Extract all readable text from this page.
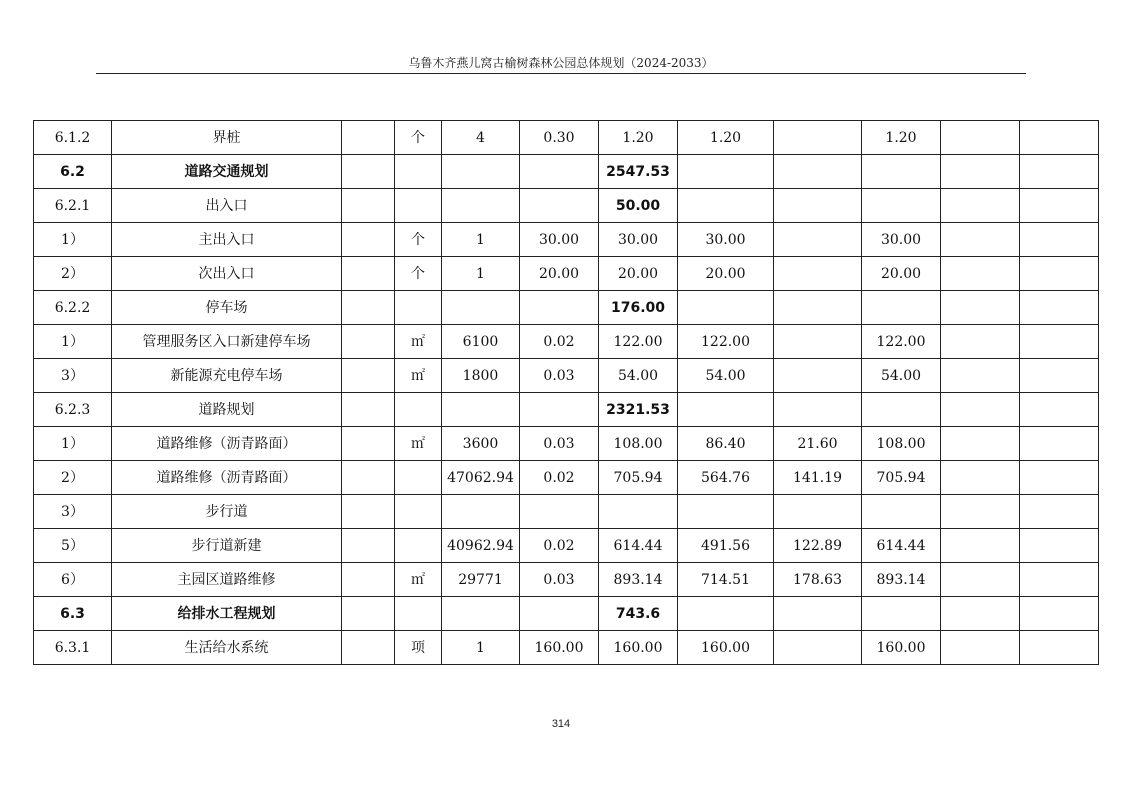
乌鲁木齐燕儿窝古榆树森林公园总体规划（2024-2033）
6.1.2	界桩		个	4	0.30	1.20	1.20		1.20		
6.2	道路交通规划					2547.53					
6.2.1	出入口					50.00					
1）	主出入口		个	1	30.00	30.00	30.00		30.00		
2）	次出入口		个	1	20.00	20.00	20.00		20.00		
6.2.2	停车场					176.00					
1）	管理服务区入口新建停车场		㎡	6100	0.02	122.00	122.00		122.00		
3）	新能源充电停车场		㎡	1800	0.03	54.00	54.00		54.00		
6.2.3	道路规划					2321.53					
1）	道路维修（沥青路面）		㎡	3600	0.03	108.00	86.40	21.60	108.00		
2）	道路维修（沥青路面）			47062.94	0.02	705.94	564.76	141.19	705.94		
3）	步行道										
5）	步行道新建			40962.94	0.02	614.44	491.56	122.89	614.44		
6）	主园区道路维修		㎡	29771	0.03	893.14	714.51	178.63	893.14		
6.3	给排水工程规划					743.6					
6.3.1	生活给水系统		项	1	160.00	160.00	160.00		160.00		
314
